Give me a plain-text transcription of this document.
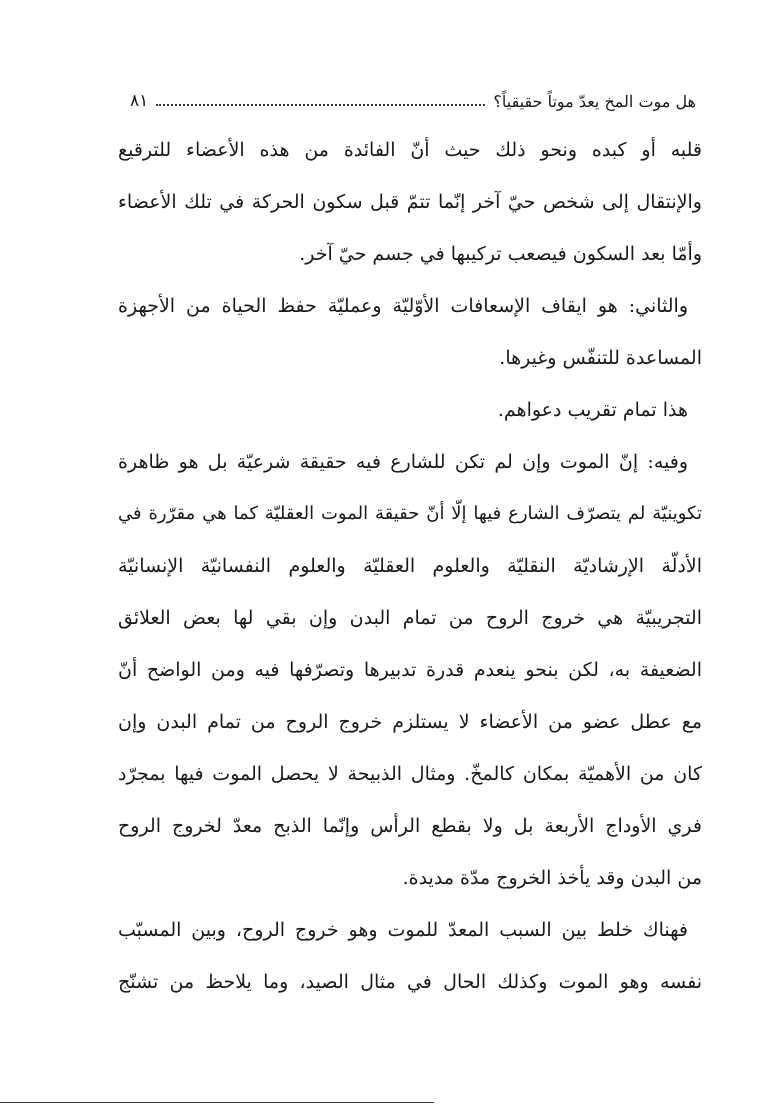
هل موت المخ يعدّ موتاً حقيقياً؟
٨١
قلبه أو كبده ونحو ذلك حيث أنّ الفائدة من هذه الأعضاء للترقيع
والإنتقال إلى شخص حيّ آخر إنّما تتمّ قبل سكون الحركة في تلك الأعضاء
وأمّا بعد السكون فيصعب تركيبها في جسم حيّ آخر.
والثاني: هو ايقاف الإسعافات الأوّليّة وعمليّة حفظ الحياة من الأجهزة
المساعدة للتنفّس وغيرها.
هذا تمام تقريب دعواهم.
وفيه: إنّ الموت وإن لم تكن للشارع فيه حقيقة شرعيّة بل هو ظاهرة
تكوينيّة لم يتصرّف الشارع فيها إلّا أنّ حقيقة الموت العقليّة كما هي مقرّرة في
الأدلّة الإرشاديّة النقليّة والعلوم العقليّة والعلوم النفسانيّة الإنسانيّة
التجريبيّة هي خروج الروح من تمام البدن وإن بقي لها بعض العلائق
الضعيفة به، لكن بنحو ينعدم قدرة تدبيرها وتصرّفها فيه ومن الواضح أنّ
مع عطل عضو من الأعضاء لا يستلزم خروج الروح من تمام البدن وإن
كان من الأهميّة بمكان كالمخّ. ومثال الذبيحة لا يحصل الموت فيها بمجرّد
فري الأوداج الأربعة بل ولا بقطع الرأس وإنّما الذبح معدّ لخروج الروح
من البدن وقد يأخذ الخروج مدّة مديدة.
فهناك خلط بين السبب المعدّ للموت وهو خروج الروح، وبين المسبّب
نفسه وهو الموت وكذلك الحال في مثال الصيد، وما يلاحظ من تشنّج
